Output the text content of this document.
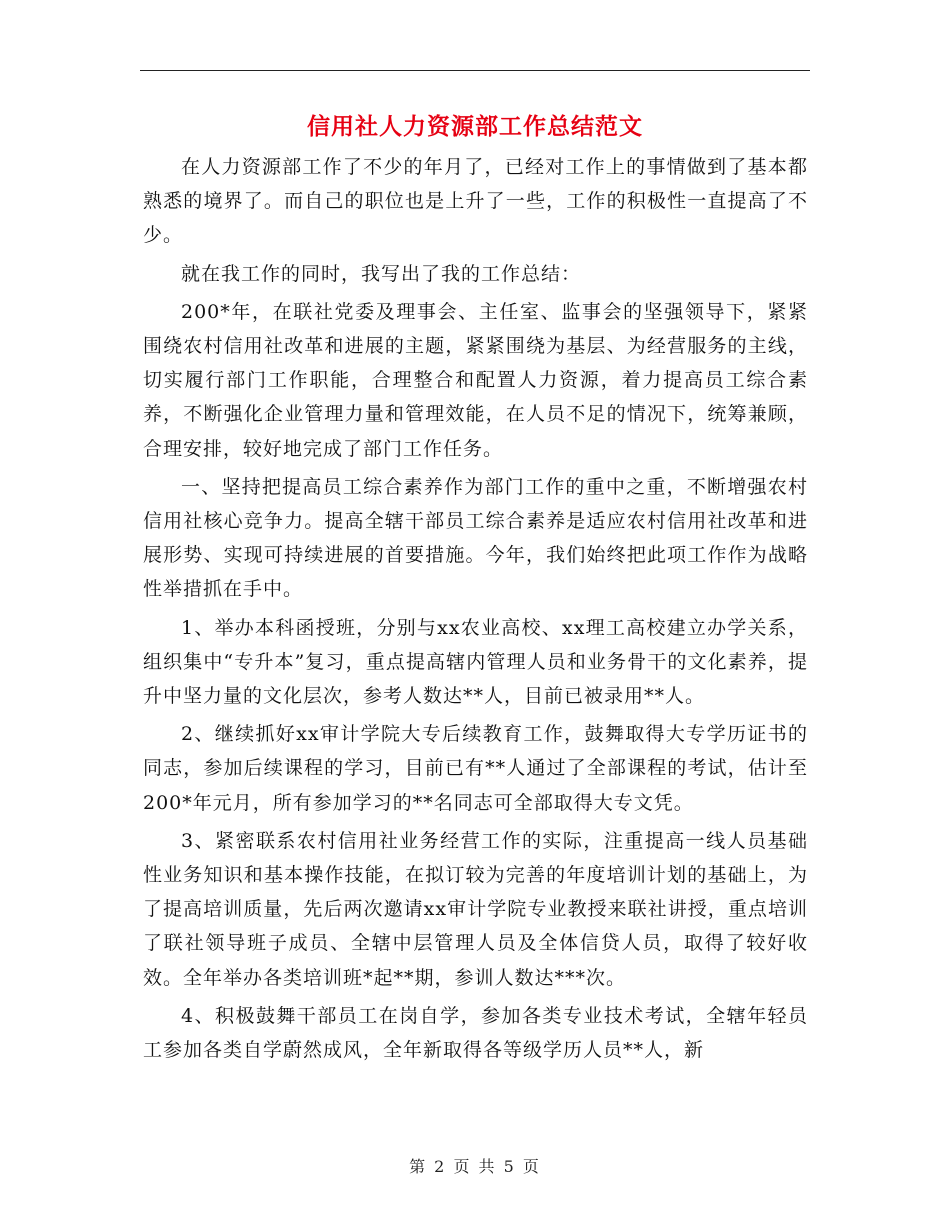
信用社人力资源部工作总结范文

在人力资源部工作了不少的年月了，已经对工作上的事情做到了基本都熟悉的境界了。而自己的职位也是上升了一些，工作的积极性一直提高了不少。

就在我工作的同时，我写出了我的工作总结：

200*年，在联社党委及理事会、主任室、监事会的坚强领导下，紧紧围绕农村信用社改革和进展的主题，紧紧围绕为基层、为经营服务的主线，切实履行部门工作职能，合理整合和配置人力资源，着力提高员工综合素养，不断强化企业管理力量和管理效能，在人员不足的情况下，统筹兼顾，合理安排，较好地完成了部门工作任务。

一、坚持把提高员工综合素养作为部门工作的重中之重，不断增强农村信用社核心竞争力。提高全辖干部员工综合素养是适应农村信用社改革和进展形势、实现可持续进展的首要措施。今年，我们始终把此项工作作为战略性举措抓在手中。

1、举办本科函授班，分别与xx农业高校、xx理工高校建立办学关系，组织集中“专升本”复习，重点提高辖内管理人员和业务骨干的文化素养，提升中坚力量的文化层次，参考人数达**人，目前已被录用**人。

2、继续抓好xx审计学院大专后续教育工作，鼓舞取得大专学历证书的同志，参加后续课程的学习，目前已有**人通过了全部课程的考试，估计至200*年元月，所有参加学习的**名同志可全部取得大专文凭。

3、紧密联系农村信用社业务经营工作的实际，注重提高一线人员基础性业务知识和基本操作技能，在拟订较为完善的年度培训计划的基础上，为了提高培训质量，先后两次邀请xx审计学院专业教授来联社讲授，重点培训了联社领导班子成员、全辖中层管理人员及全体信贷人员，取得了较好收效。全年举办各类培训班*起**期，参训人数达***次。

4、积极鼓舞干部员工在岗自学，参加各类专业技术考试，全辖年轻员工参加各类自学蔚然成风，全年新取得各等级学历人员**人，新

第 2 页 共 5 页
